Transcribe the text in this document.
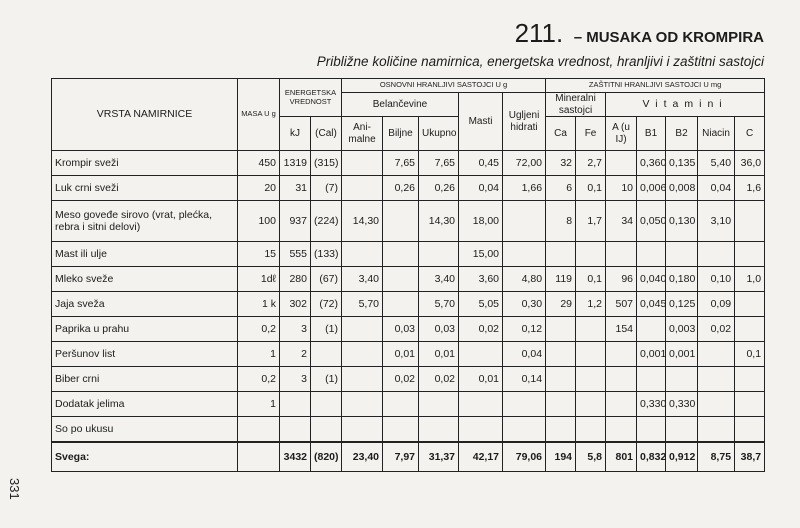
331
211. – MUSAKA OD KROMPIRA
Približne količine namirnica, energetska vrednost, hranljivi i zaštitni sastojci
VRSTA NAMIRNICE	MASA U g	ENERGETSKA VREDNOST		OSNOVNI HRANLJIVI SASTOJCI U g					ZAŠTITNI HRANLJIVI SASTOJCI U mg						
				Belančevine			Masti	Ugljeni hidrati	Mineralni sastojci		Vitamini				
		kJ	(Cal)	Ani- malne	Biljne	Ukupno			Ca	Fe	A (u IJ)	B1	B2	Niacin	C
Krompir sveži	450	1319	(315)		7,65	7,65	0,45	72,00	32	2,7		0,360	0,135	5,40	36,0
Luk crni sveži	20	31	(7)		0,26	0,26	0,04	1,66	6	0,1	10	0,006	0,008	0,04	1,6
Meso goveđe sirovo (vrat, plećka, rebra i sitni delovi)	100	937	(224)	14,30		14,30	18,00		8	1,7	34	0,050	0,130	3,10	
Mast ili ulje	15	555	(133)				15,00								
Mleko sveže	1dℓ	280	(67)	3,40		3,40	3,60	4,80	119	0,1	96	0,040	0,180	0,10	1,0
Jaja sveža	1 k	302	(72)	5,70		5,70	5,05	0,30	29	1,2	507	0,045	0,125	0,09	
Paprika u prahu	0,2	3	(1)		0,03	0,03	0,02	0,12			154		0,003	0,02	
Peršunov list	1	2			0,01	0,01		0,04				0,001	0,001		0,1
Biber crni	0,2	3	(1)		0,02	0,02	0,01	0,14							
Dodatak jelima	1											0,330	0,330		
So po ukusu															
Svega:		3432	(820)	23,40	7,97	31,37	42,17	79,06	194	5,8	801	0,832	0,912	8,75	38,7
